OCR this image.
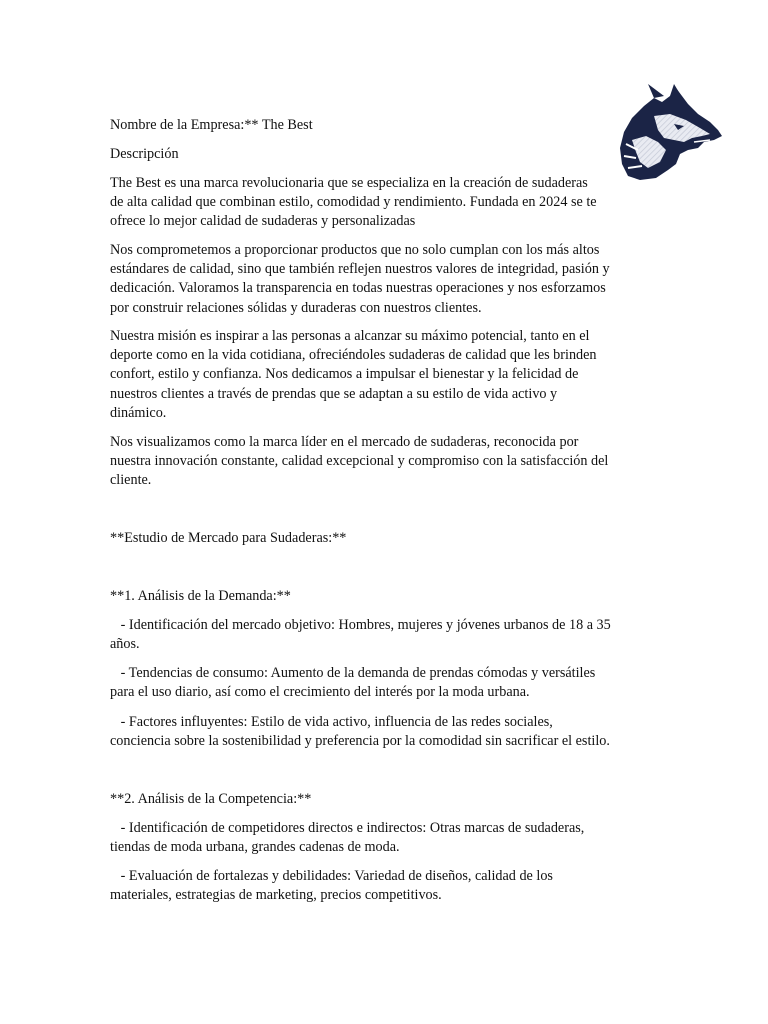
Nombre de la Empresa:** The Best

Descripción

The Best es una marca revolucionaria que se especializa en la creación de sudaderas
de alta calidad que combinan estilo, comodidad y rendimiento. Fundada en 2024 se te
ofrece lo mejor calidad de sudaderas y personalizadas

Nos comprometemos a proporcionar productos que no solo cumplan con los más altos
estándares de calidad, sino que también reflejen nuestros valores de integridad, pasión y
dedicación. Valoramos la transparencia en todas nuestras operaciones y nos esforzamos
por construir relaciones sólidas y duraderas con nuestros clientes.

Nuestra misión es inspirar a las personas a alcanzar su máximo potencial, tanto en el
deporte como en la vida cotidiana, ofreciéndoles sudaderas de calidad que les brinden
confort, estilo y confianza. Nos dedicamos a impulsar el bienestar y la felicidad de
nuestros clientes a través de prendas que se adaptan a su estilo de vida activo y
dinámico.

Nos visualizamos como la marca líder en el mercado de sudaderas, reconocida por
nuestra innovación constante, calidad excepcional y compromiso con la satisfacción del
cliente.

**Estudio de Mercado para Sudaderas:**

**1. Análisis de la Demanda:**

- Identificación del mercado objetivo: Hombres, mujeres y jóvenes urbanos de 18 a 35
años.

- Tendencias de consumo: Aumento de la demanda de prendas cómodas y versátiles
para el uso diario, así como el crecimiento del interés por la moda urbana.

- Factores influyentes: Estilo de vida activo, influencia de las redes sociales,
conciencia sobre la sostenibilidad y preferencia por la comodidad sin sacrificar el estilo.

**2. Análisis de la Competencia:**

- Identificación de competidores directos e indirectos: Otras marcas de sudaderas,
tiendas de moda urbana, grandes cadenas de moda.

- Evaluación de fortalezas y debilidades: Variedad de diseños, calidad de los
materiales, estrategias de marketing, precios competitivos.
